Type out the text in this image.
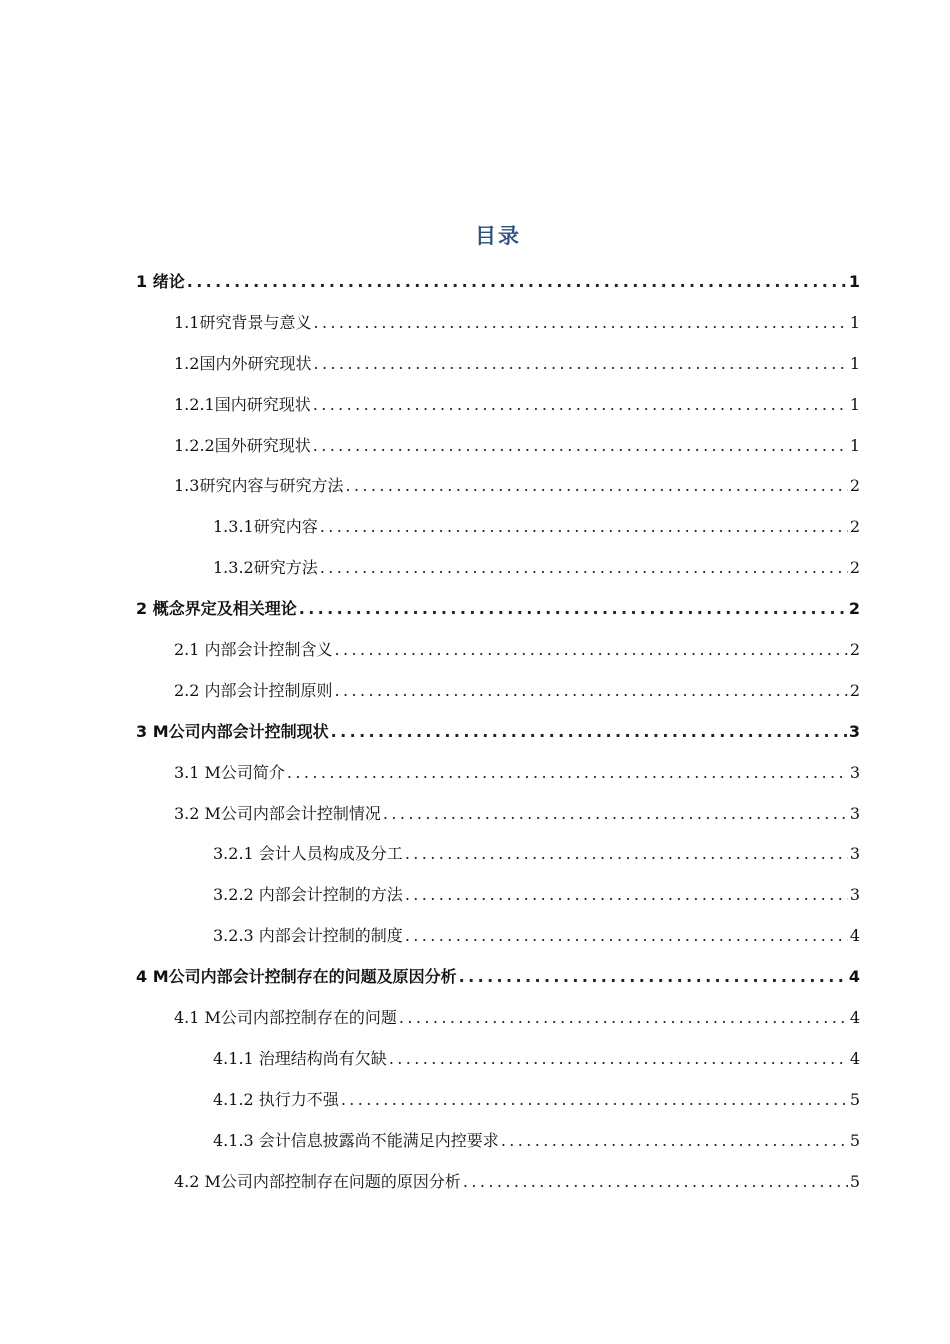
目录
1 绪论 .....	1
1.1研究背景与意义 .....	1
1.2国内外研究现状 .....	1
1.2.1国内研究现状 .....	1
1.2.2国外研究现状 .....	1
1.3研究内容与研究方法 .....	2
1.3.1研究内容 .....	2
1.3.2研究方法 .....	2
2 概念界定及相关理论 .....	2
2.1 内部会计控制含义 .....	2
2.2 内部会计控制原则 .....	2
3 M公司内部会计控制现状 .....	3
3.1 M公司简介 .....	3
3.2 M公司内部会计控制情况 .....	3
3.2.1 会计人员构成及分工 .....	3
3.2.2 内部会计控制的方法 .....	3
3.2.3 内部会计控制的制度 .....	4
4 M公司内部会计控制存在的问题及原因分析 .....	4
4.1 M公司内部控制存在的问题 .....	4
4.1.1 治理结构尚有欠缺 .....	4
4.1.2 执行力不强 .....	5
4.1.3 会计信息披露尚不能满足内控要求 .....	5
4.2 M公司内部控制存在问题的原因分析 .....	5
